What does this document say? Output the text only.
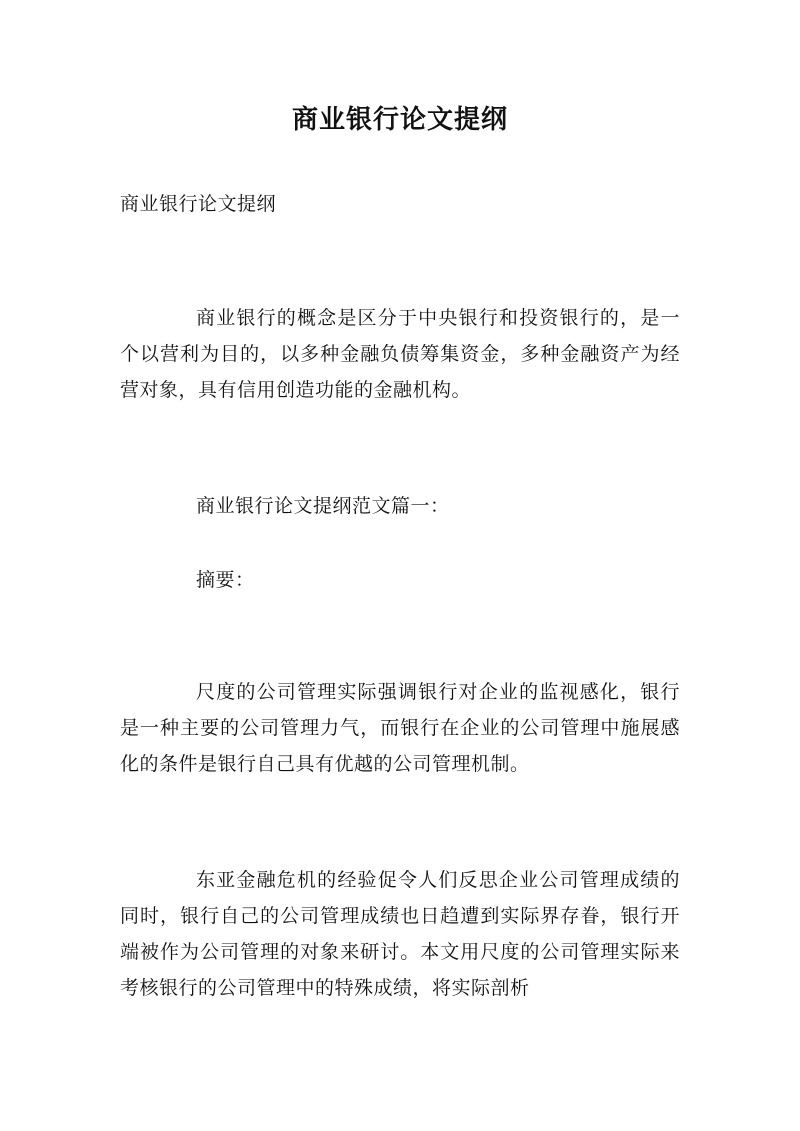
商业银行论文提纲

商业银行论文提纲

商业银行的概念是区分于中央银行和投资银行的，是一个以营利为目的，以多种金融负债筹集资金，多种金融资产为经营对象，具有信用创造功能的金融机构。

商业银行论文提纲范文篇一：

摘要：

尺度的公司管理实际强调银行对企业的监视感化，银行是一种主要的公司管理力气，而银行在企业的公司管理中施展感化的条件是银行自己具有优越的公司管理机制。

东亚金融危机的经验促令人们反思企业公司管理成绩的同时，银行自己的公司管理成绩也日趋遭到实际界存眷，银行开端被作为公司管理的对象来研讨。本文用尺度的公司管理实际来考核银行的公司管理中的特殊成绩，将实际剖析
